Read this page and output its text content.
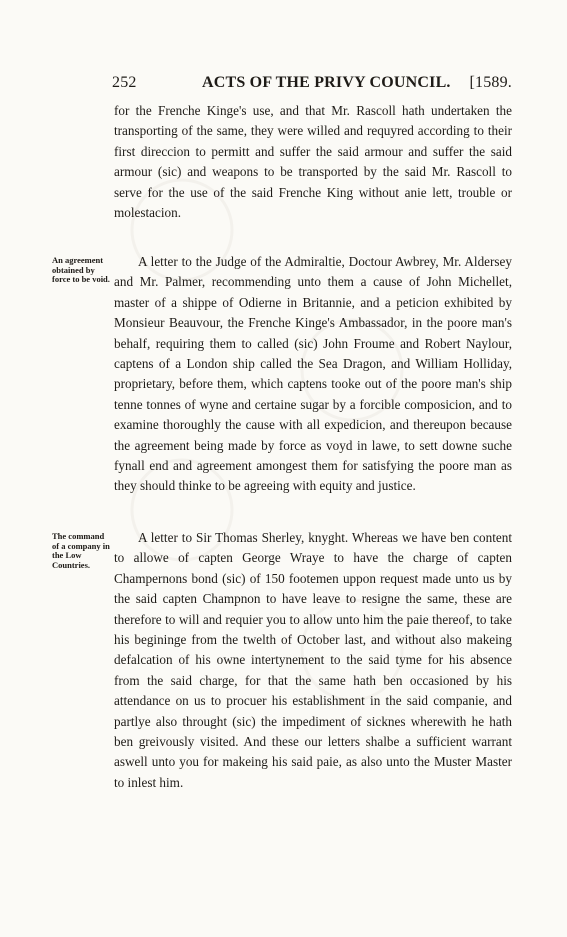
252	ACTS OF THE PRIVY COUNCIL. [1589.
for the Frenche Kinge's use, and that Mr. Rascoll hath undertaken the transporting of the same, they were willed and requyred according to their first direccion to permitt and suffer the said armour and suffer the said armour (sic) and weapons to be transported by the said Mr. Rascoll to serve for the use of the said Frenche King without anie lett, trouble or molestacion.
An agreement obtained by force to be void.
A letter to the Judge of the Admiraltie, Doctour Awbrey, Mr. Aldersey and Mr. Palmer, recommending unto them a cause of John Michellet, master of a shippe of Odierne in Britannie, and a peticion exhibited by Monsieur Beauvour, the Frenche Kinge's Ambassador, in the poore man's behalf, requiring them to called (sic) John Froume and Robert Naylour, captens of a London ship called the Sea Dragon, and William Holliday, proprietary, before them, which captens tooke out of the poore man's ship tenne tonnes of wyne and certaine sugar by a forcible composicion, and to examine thoroughly the cause with all expedicion, and thereupon because the agreement being made by force as voyd in lawe, to sett downe suche fynall end and agreement amongest them for satisfying the poore man as they should thinke to be agreeing with equity and justice.
The command of a company in the Low Countries.
A letter to Sir Thomas Sherley, knyght. Whereas we have ben content to allowe of capten George Wraye to have the charge of capten Champernons bond (sic) of 150 footemen uppon request made unto us by the said capten Champnon to have leave to resigne the same, these are therefore to will and requier you to allow unto him the paie thereof, to take his begininge from the twelth of October last, and without also makeing defalcation of his owne intertynement to the said tyme for his absence from the said charge, for that the same hath ben occasioned by his attendance on us to procuer his establishment in the said companie, and partlye also throught (sic) the impediment of sicknes wherewith he hath ben greivously visited. And these our letters shalbe a sufficient warrant aswell unto you for makeing his said paie, as also unto the Muster Master to inlest him.
